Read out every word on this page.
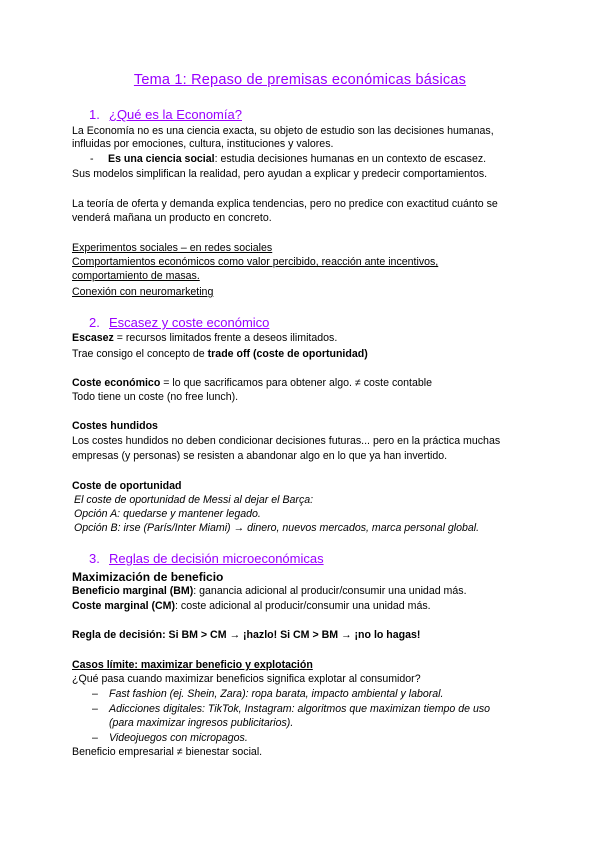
Tema 1: Repaso de premisas económicas básicas
1. ¿Qué es la Economía?
La Economía no es una ciencia exacta, su objeto de estudio son las decisiones humanas,
influidas por emociones, cultura, instituciones y valores.
- Es una ciencia social: estudia decisiones humanas en un contexto de escasez.
Sus modelos simplifican la realidad, pero ayudan a explicar y predecir comportamientos.
La teoría de oferta y demanda explica tendencias, pero no predice con exactitud cuánto se
venderá mañana un producto en concreto.
Experimentos sociales – en redes sociales
Comportamientos económicos como valor percibido, reacción ante incentivos,
comportamiento de masas.
Conexión con neuromarketing
2. Escasez y coste económico
Escasez = recursos limitados frente a deseos ilimitados.
Trae consigo el concepto de trade off (coste de oportunidad)
Coste económico = lo que sacrificamos para obtener algo. ≠ coste contable
Todo tiene un coste (no free lunch).
Costes hundidos
Los costes hundidos no deben condicionar decisiones futuras... pero en la práctica muchas
empresas (y personas) se resisten a abandonar algo en lo que ya han invertido.
Coste de oportunidad
El coste de oportunidad de Messi al dejar el Barça:
Opción A: quedarse y mantener legado.
Opción B: irse (París/Inter Miami) → dinero, nuevos mercados, marca personal global.
3. Reglas de decisión microeconómicas
Maximización de beneficio
Beneficio marginal (BM): ganancia adicional al producir/consumir una unidad más.
Coste marginal (CM): coste adicional al producir/consumir una unidad más.
Regla de decisión: Si BM > CM → ¡hazlo! Si CM > BM → ¡no lo hagas!
Casos límite: maximizar beneficio y explotación
¿Qué pasa cuando maximizar beneficios significa explotar al consumidor?
– Fast fashion (ej. Shein, Zara): ropa barata, impacto ambiental y laboral.
– Adicciones digitales: TikTok, Instagram: algoritmos que maximizan tiempo de uso
(para maximizar ingresos publicitarios).
– Videojuegos con micropagos.
Beneficio empresarial ≠ bienestar social.
